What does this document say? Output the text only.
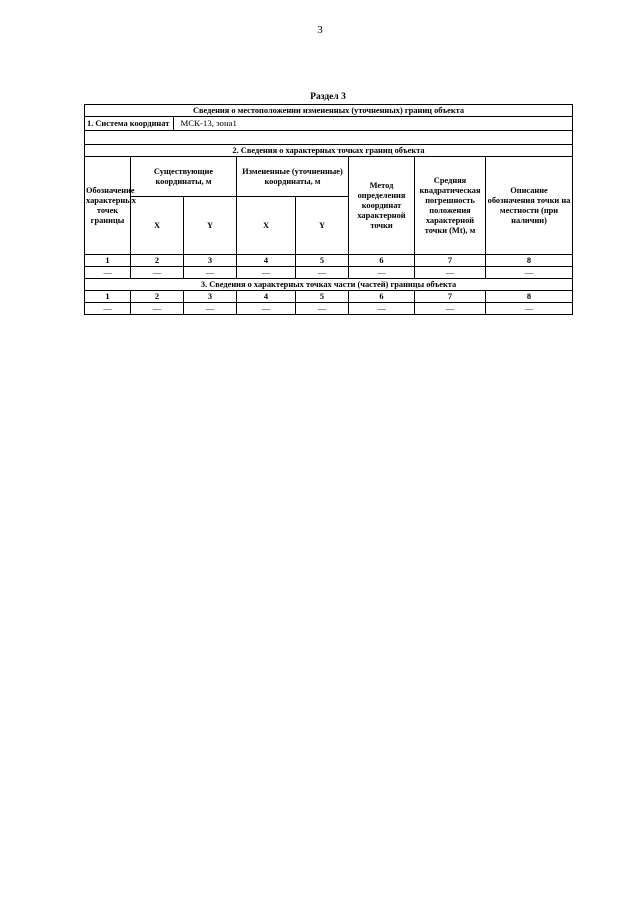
3
Раздел 3
Сведения о местоположении измененных (уточненных) границ объекта							
1. Система координат МСК-13, зона1							

2. Сведения о характерных точках границ объекта							
Обозначение характерных точек границы	Существующие координаты, м		Измененные (уточненные) координаты, м		Метод определения координат характерной точки	Средняя квадратическая погрешность положения характерной точки (Mt), м	Описание обозначения точки на местности (при наличии)
	X	Y	X	Y			
1	2	3	4	5	6	7	8
—	—	—	—	—	—	—	—
3. Сведения о характерных точках части (частей) границы объекта							
1	2	3	4	5	6	7	8
—	—	—	—	—	—	—	—
